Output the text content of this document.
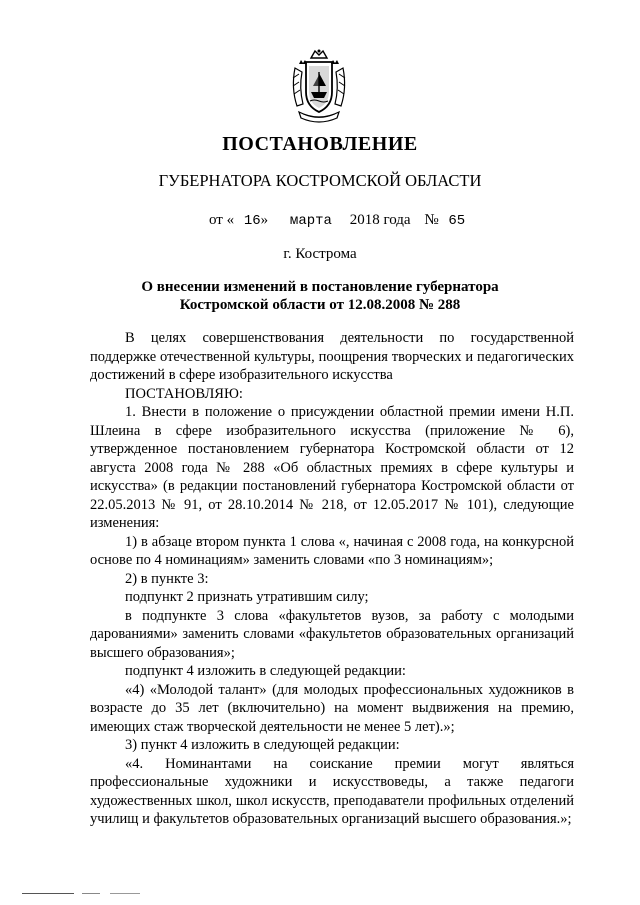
ПОСТАНОВЛЕНИЕ
ГУБЕРНАТОРА КОСТРОМСКОЙ ОБЛАСТИ
от « 16» марта 2018 года № 65
г. Кострома
О внесении изменений в постановление губернатора
Костромской области от 12.08.2008 № 288

В целях совершенствования деятельности по государственной поддержке отечественной культуры, поощрения творческих и педагогических достижений в сфере изобразительного искусства

ПОСТАНОВЛЯЮ:

1. Внести в положение о присуждении областной премии имени Н.П. Шлеина в сфере изобразительного искусства (приложение № 6), утвержденное постановлением губернатора Костромской области от 12 августа 2008 года № 288 «Об областных премиях в сфере культуры и искусства» (в редакции постановлений губернатора Костромской области от 22.05.2013 № 91, от 28.10.2014 № 218, от 12.05.2017 № 101), следующие изменения:

1) в абзаце втором пункта 1 слова «, начиная с 2008 года, на конкурсной основе по 4 номинациям» заменить словами «по 3 номинациям»;

2) в пункте 3:

подпункт 2 признать утратившим силу;

в подпункте 3 слова «факультетов вузов, за работу с молодыми дарованиями» заменить словами «факультетов образовательных организаций высшего образования»;

подпункт 4 изложить в следующей редакции:

«4) «Молодой талант» (для молодых профессиональных художников в возрасте до 35 лет (включительно) на момент выдвижения на премию, имеющих стаж творческой деятельности не менее 5 лет).»;

3) пункт 4 изложить в следующей редакции:

«4. Номинантами на соискание премии могут являться профессиональные художники и искусствоведы, а также педагоги художественных школ, школ искусств, преподаватели профильных отделений училищ и факультетов образовательных организаций высшего образования.»;
